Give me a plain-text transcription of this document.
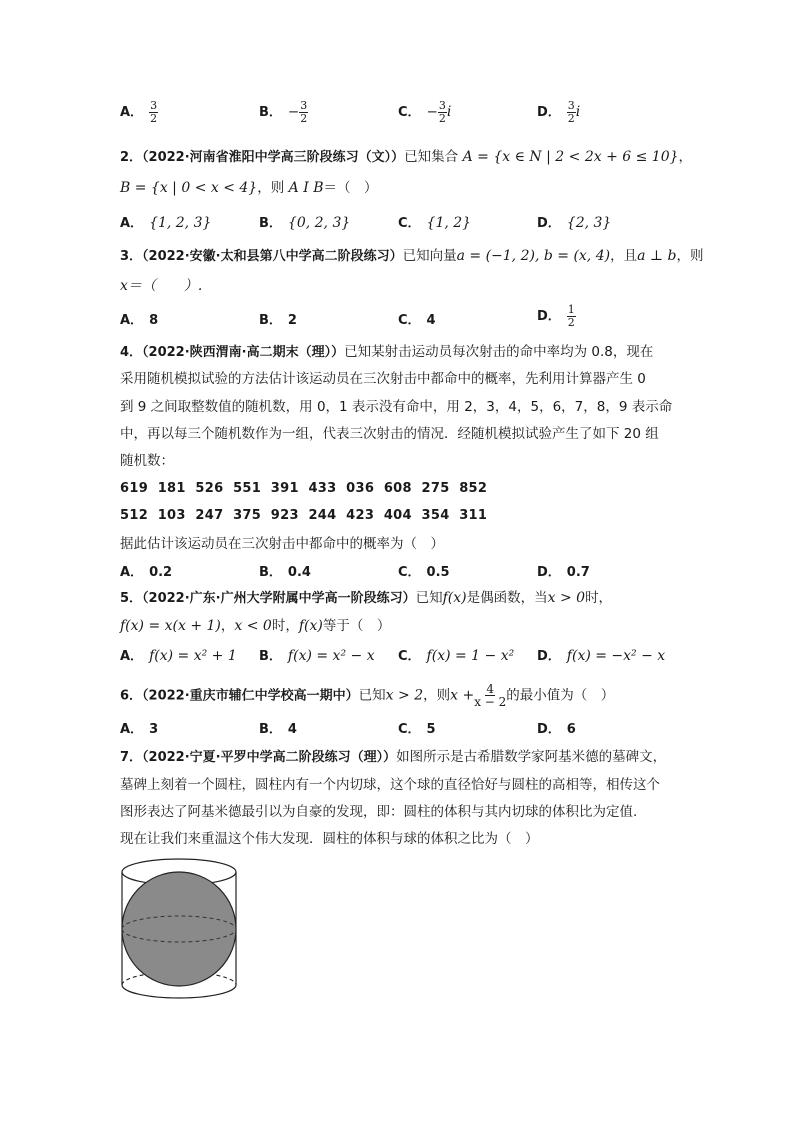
A． $\frac{3}{2}$	B． − $\frac{3}{2}$	C． − $\frac{3}{2}$ i	D． $\frac{3}{2}$ i
2．（2022·河南省淮阳中学高三阶段练习（文））已知集合 A = {x ∈ N | 2 < 2x + 6 ≤ 10}，
B = {x | 0 < x < 4}，则 A I B＝（　）
A． {1, 2, 3}	B． {0, 2, 3}	C． {1, 2}	D． {2, 3}
3．（2022·安徽·太和县第八中学高二阶段练习）已知向量a = (−1, 2), b = (x, 4)，且a ⊥ b，则
x＝（　　）.
A． 8	B． 2	C． 4	D． $\frac{1}{2}$
4．（2022·陕西渭南·高二期末（理））已知某射击运动员每次射击的命中率均为 0.8，现在
采用随机模拟试验的方法估计该运动员在三次射击中都命中的概率，先利用计算器产生 0
到 9 之间取整数值的随机数，用 0，1 表示没有命中，用 2，3，4，5，6，7，8，9 表示命
中，再以每三个随机数作为一组，代表三次射击的情况．经随机模拟试验产生了如下 20 组
随机数：
619  181  526  551  391  433  036  608  275  852
512  103  247  375  923  244  423  404  354  311
据此估计该运动员在三次射击中都命中的概率为（　）
A． 0.2	B． 0.4	C． 0.5	D． 0.7
5．（2022·广东·广州大学附属中学高一阶段练习）已知f(x)是偶函数，当x > 0时，
f(x) = x(x + 1)，x < 0时，f(x)等于（　）
A． f(x) = x² + 1 B． f(x) = x² − x C． f(x) = 1 − x² D． f(x) = −x² − x
6．（2022·重庆市辅仁中学校高一期中）已知x > 2，则$x + \frac{4}{x - 2}$ 的最小值为（　）
A． 3	B． 4	C． 5	D． 6
7．（2022·宁夏·平罗中学高二阶段练习（理））如图所示是古希腊数学家阿基米德的墓碑文，
墓碑上刻着一个圆柱，圆柱内有一个内切球，这个球的直径恰好与圆柱的高相等，相传这个
图形表达了阿基米德最引以为自豪的发现，即：圆柱的体积与其内切球的体积比为定值.
现在让我们来重温这个伟大发现．圆柱的体积与球的体积之比为（　）
